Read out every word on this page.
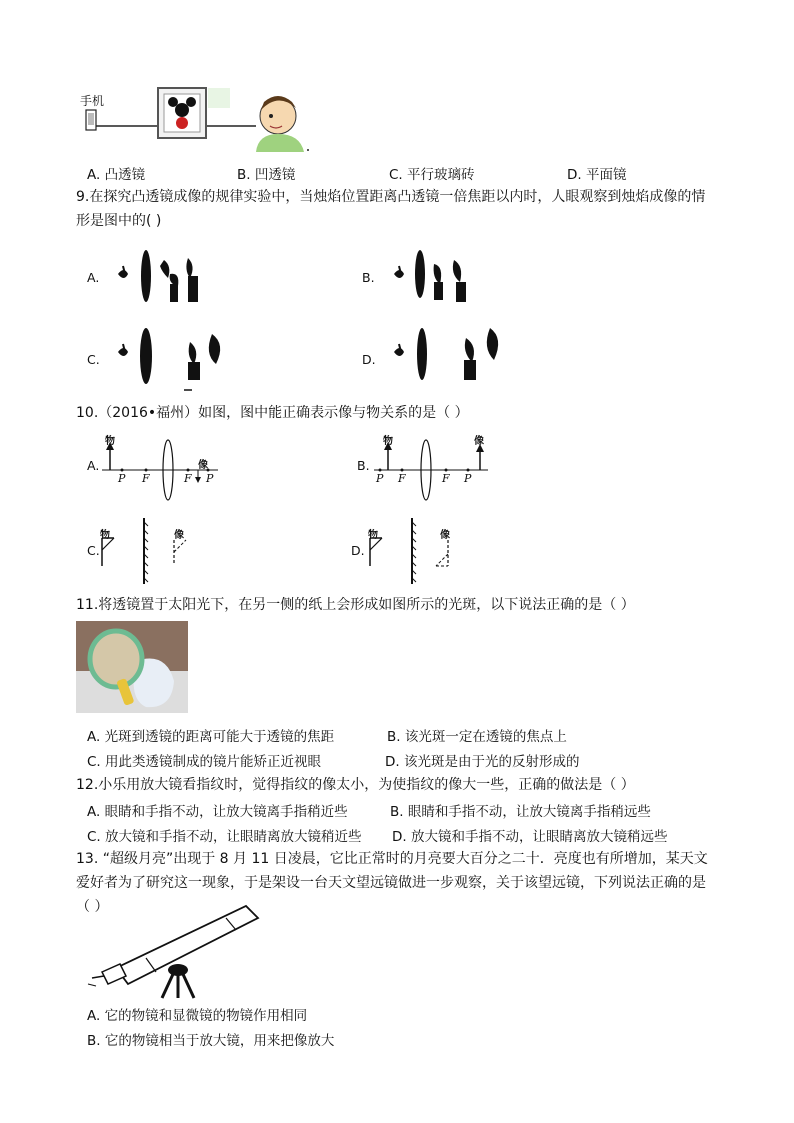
手机
A. 凸透镜	B. 凹透镜	C. 平行玻璃砖	D. 平面镜
9.在探究凸透镜成像的规律实验中，当烛焰位置距离凸透镜一倍焦距以内时，人眼观察到烛焰成像的情形是图中的( )
A.	B.
C.	D.
10.（2016•福州）如图，图中能正确表示像与物关系的是（ ）
A.	B.
C.	D.
物
像
P F	F P
物	像
P F	F P
物	像	物	像
11.将透镜置于太阳光下，在另一侧的纸上会形成如图所示的光斑，以下说法正确的是（ ）
A. 光斑到透镜的距离可能大于透镜的焦距	B. 该光斑一定在透镜的焦点上
C. 用此类透镜制成的镜片能矫正近视眼	D. 该光斑是由于光的反射形成的
12.小乐用放大镜看指纹时，觉得指纹的像太小，为使指纹的像大一些，正确的做法是（ ）
A. 眼睛和手指不动，让放大镜离手指稍近些	B. 眼睛和手指不动，让放大镜离手指稍远些
C. 放大镜和手指不动，让眼睛离放大镜稍近些 D. 放大镜和手指不动，让眼睛离放大镜稍远些
13. “超级月亮”出现于 8 月 11 日凌晨，它比正常时的月亮要大百分之二十．亮度也有所增加，某天文爱好者为了研究这一现象，于是架设一台天文望远镜做进一步观察，关于该望远镜，下列说法正确的是（ ）
A. 它的物镜和显微镜的物镜作用相同
B. 它的物镜相当于放大镜，用来把像放大
